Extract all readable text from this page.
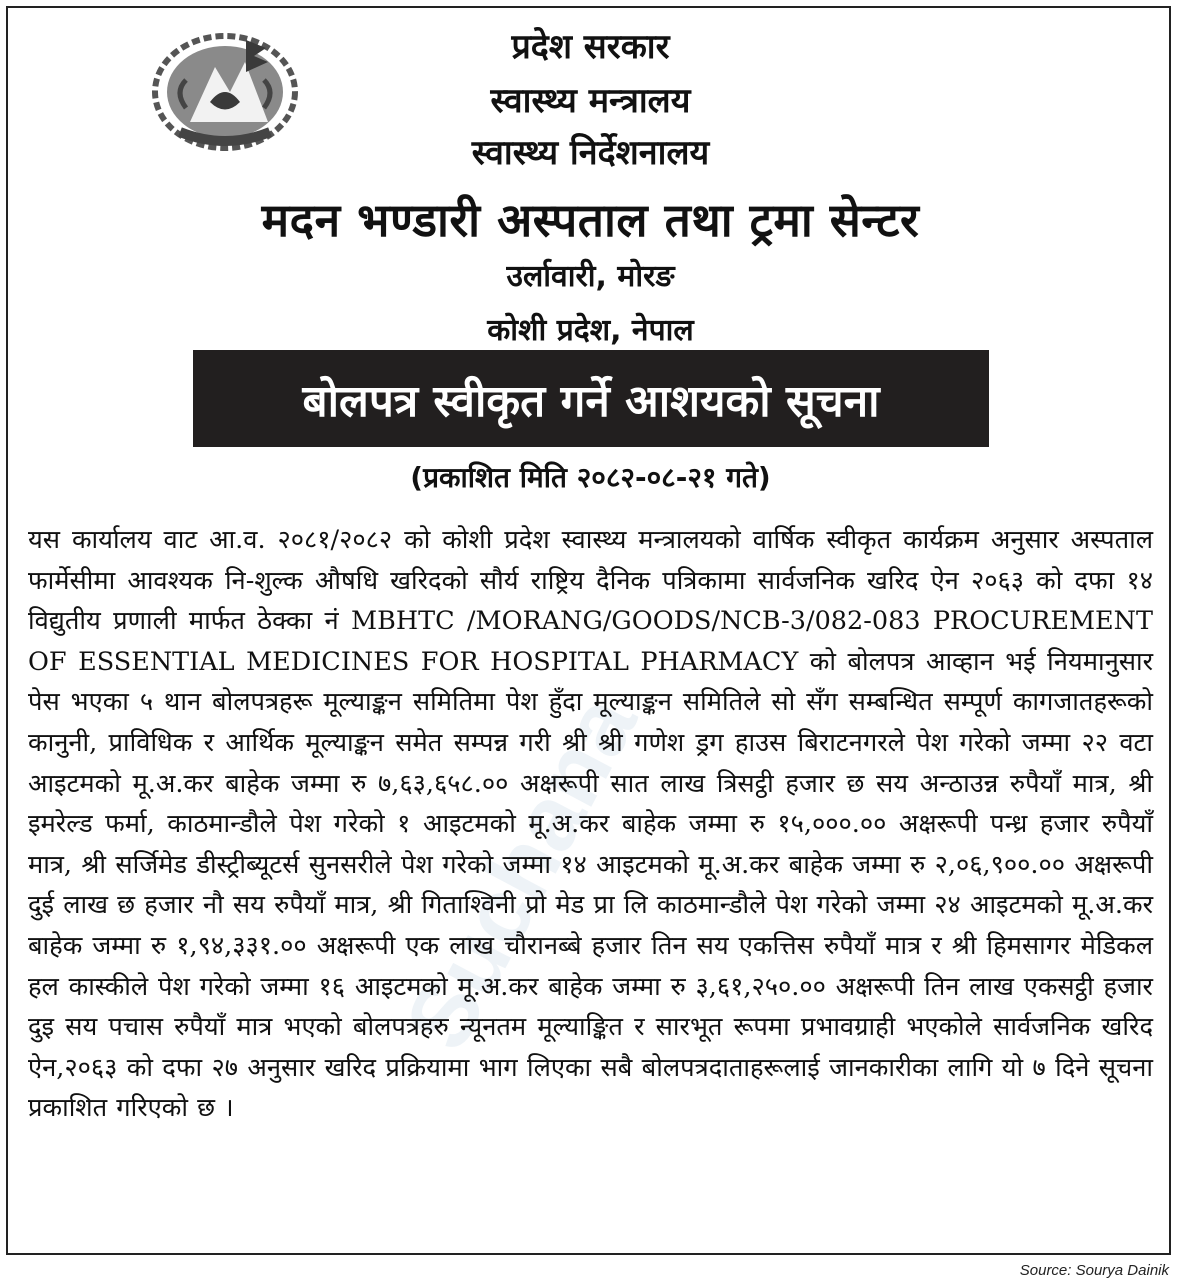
Suchana
प्रदेश सरकार
स्वास्थ्य मन्त्रालय
स्वास्थ्य निर्देशनालय
मदन भण्डारी अस्पताल तथा ट्रमा सेन्टर
उर्लावारी, मोरङ
कोशी प्रदेश, नेपाल
बोलपत्र स्वीकृत गर्ने आशयको सूचना
(प्रकाशित मिति २०८२-०८-२१ गते)
यस कार्यालय वाट आ.व. २०८१/२०८२ को कोशी प्रदेश स्वास्थ्य मन्त्रालयको वार्षिक स्वीकृत कार्यक्रम अनुसार अस्पताल फार्मेसीमा आवश्यक नि-शुल्क औषधि खरिदको सौर्य राष्ट्रिय दैनिक पत्रिकामा सार्वजनिक खरिद ऐन २०६३ को दफा १४ विद्युतीय प्रणाली मार्फत ठेक्का नं MBHTC /MORANG/GOODS/NCB-3/082-083 PROCUREMENT OF ESSENTIAL MEDICINES FOR HOSPITAL PHARMACY को बोलपत्र आव्हान भई नियमानुसार पेस भएका ५ थान बोलपत्रहरू मूल्याङ्कन समितिमा पेश हुँदा मूल्याङ्कन समितिले सो सँग सम्बन्धित सम्पूर्ण कागजातहरूको कानुनी, प्राविधिक र आर्थिक मूल्याङ्कन समेत सम्पन्न गरी श्री श्री गणेश ड्रग हाउस बिराटनगरले पेश गरेको जम्मा २२ वटा आइटमको मू.अ.कर बाहेक जम्मा रु ७,६३,६५८.०० अक्षरूपी सात लाख त्रिसट्ठी हजार छ सय अन्ठाउन्न रुपैयाँ मात्र, श्री इमरेल्ड फर्मा, काठमान्डौले पेश गरेको १ आइटमको मू.अ.कर बाहेक जम्मा रु १५,०००.०० अक्षरूपी पन्ध्र हजार रुपैयाँ मात्र, श्री सर्जिमेड डीस्ट्रीब्यूटर्स सुनसरीले पेश गरेको जम्मा १४ आइटमको मू.अ.कर बाहेक जम्मा रु २,०६,९००.०० अक्षरूपी दुई लाख छ हजार नौ सय रुपैयाँ मात्र, श्री गिताश्विनी प्रो मेड प्रा लि काठमान्डौले पेश गरेको जम्मा २४ आइटमको मू.अ.कर बाहेक जम्मा रु १,९४,३३१.०० अक्षरूपी एक लाख चौरानब्बे हजार तिन सय एकत्तिस रुपैयाँ मात्र र श्री हिमसागर मेडिकल हल कास्कीले पेश गरेको जम्मा १६ आइटमको मू.अ.कर बाहेक जम्मा रु ३,६१,२५०.०० अक्षरूपी तिन लाख एकसट्ठी हजार दुइ सय पचास रुपैयाँ मात्र भएको बोलपत्रहरु न्यूनतम मूल्याङ्कित र सारभूत रूपमा प्रभावग्राही भएकोले सार्वजनिक खरिद ऐन,२०६३ को दफा २७ अनुसार खरिद प्रक्रियामा भाग लिएका सबै बोलपत्रदाताहरूलाई जानकारीका लागि यो ७ दिने सूचना प्रकाशित गरिएको छ ।
Source: Sourya Dainik
